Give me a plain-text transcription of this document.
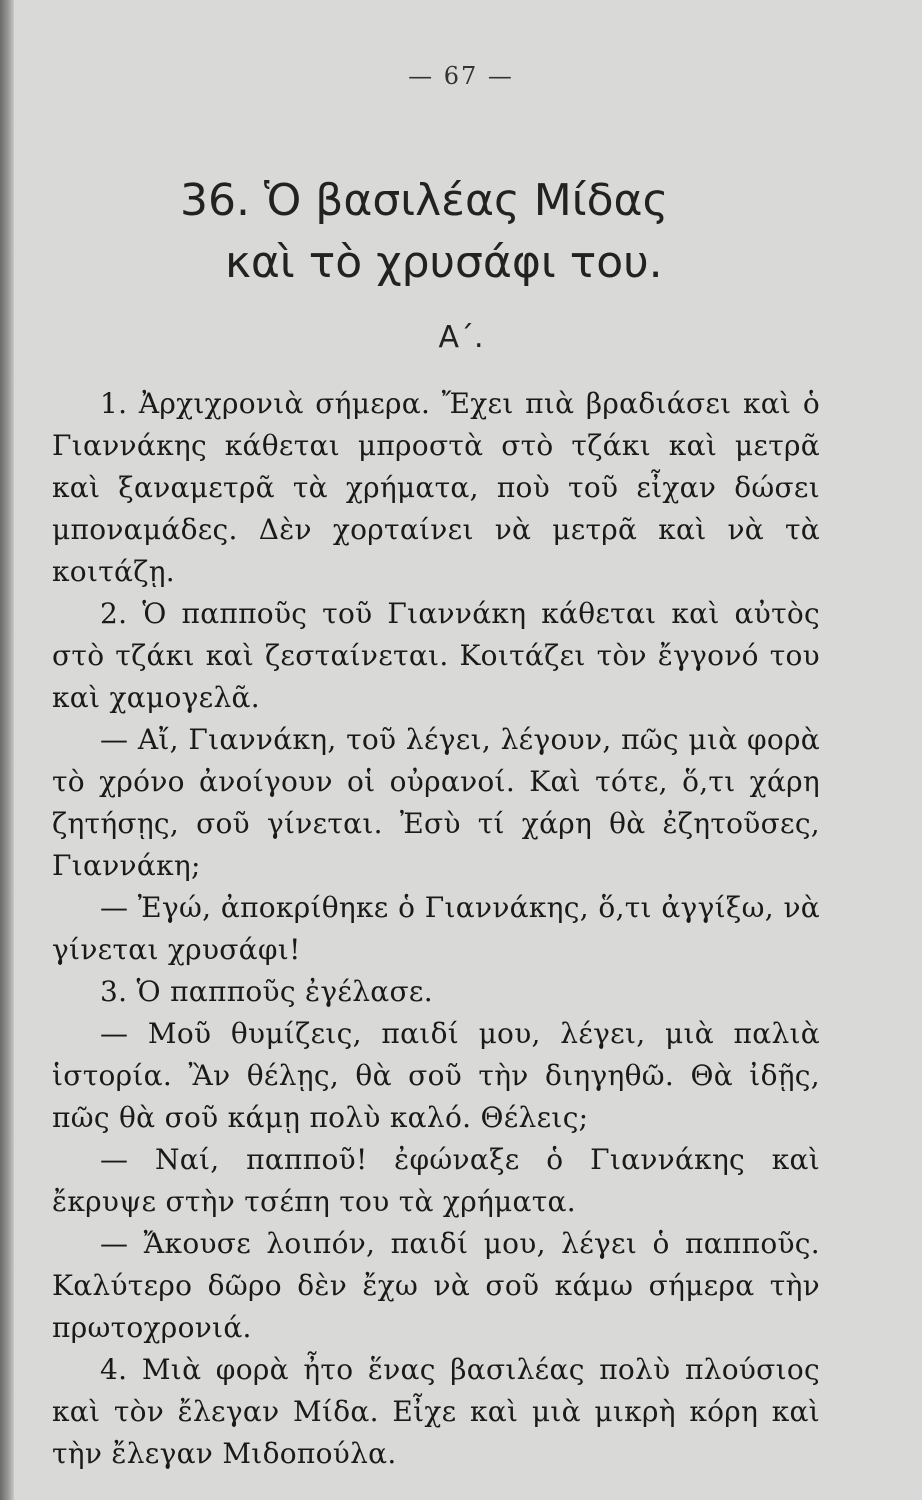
— 67 —
36. Ὁ βασιλέας Μίδας
καὶ τὸ χρυσάφι του.
Α΄.

1. Ἀρχιχρονιὰ σήμερα. Ἔχει πιὰ βραδιάσει καὶ ὁ Γιαννάκης κάθεται μπροστὰ στὸ τζάκι καὶ μετρᾶ καὶ ξαναμετρᾶ τὰ χρήματα, ποὺ τοῦ εἶχαν δώσει μποναμάδες. Δὲν χορταίνει νὰ μετρᾶ καὶ νὰ τὰ κοιτάζῃ.

2. Ὁ παπποῦς τοῦ Γιαννάκη κάθεται καὶ αὐτὸς στὸ τζάκι καὶ ζεσταίνεται. Κοιτάζει τὸν ἔγγονό του καὶ χαμογελᾶ.

— Αἴ, Γιαννάκη, τοῦ λέγει, λέγουν, πῶς μιὰ φορὰ τὸ χρόνο ἀνοίγουν οἱ οὐρανοί. Καὶ τότε, ὅ,τι χάρη ζητήσῃς, σοῦ γίνεται. Ἐσὺ τί χάρη θὰ ἐζητοῦσες, Γιαννάκη;

— Ἐγώ, ἀποκρίθηκε ὁ Γιαννάκης, ὅ,τι ἀγγίξω, νὰ γίνεται χρυσάφι!

3. Ὁ παπποῦς ἐγέλασε.

— Μοῦ θυμίζεις, παιδί μου, λέγει, μιὰ παλιὰ ἱστορία. Ἂν θέλῃς, θὰ σοῦ τὴν διηγηθῶ. Θὰ ἰδῇς, πῶς θὰ σοῦ κάμῃ πολὺ καλό. Θέλεις;

— Ναί, παπποῦ! ἐφώναξε ὁ Γιαννάκης καὶ ἔκρυψε στὴν τσέπη του τὰ χρήματα.

— Ἄκουσε λοιπόν, παιδί μου, λέγει ὁ παπποῦς. Καλύτερο δῶρο δὲν ἔχω νὰ σοῦ κάμω σήμερα τὴν πρωτοχρονιά.

4. Μιὰ φορὰ ἦτο ἕνας βασιλέας πολὺ πλούσιος καὶ τὸν ἔλεγαν Μίδα. Εἶχε καὶ μιὰ μικρὴ κόρη καὶ τὴν ἔλεγαν Μιδοπούλα.
